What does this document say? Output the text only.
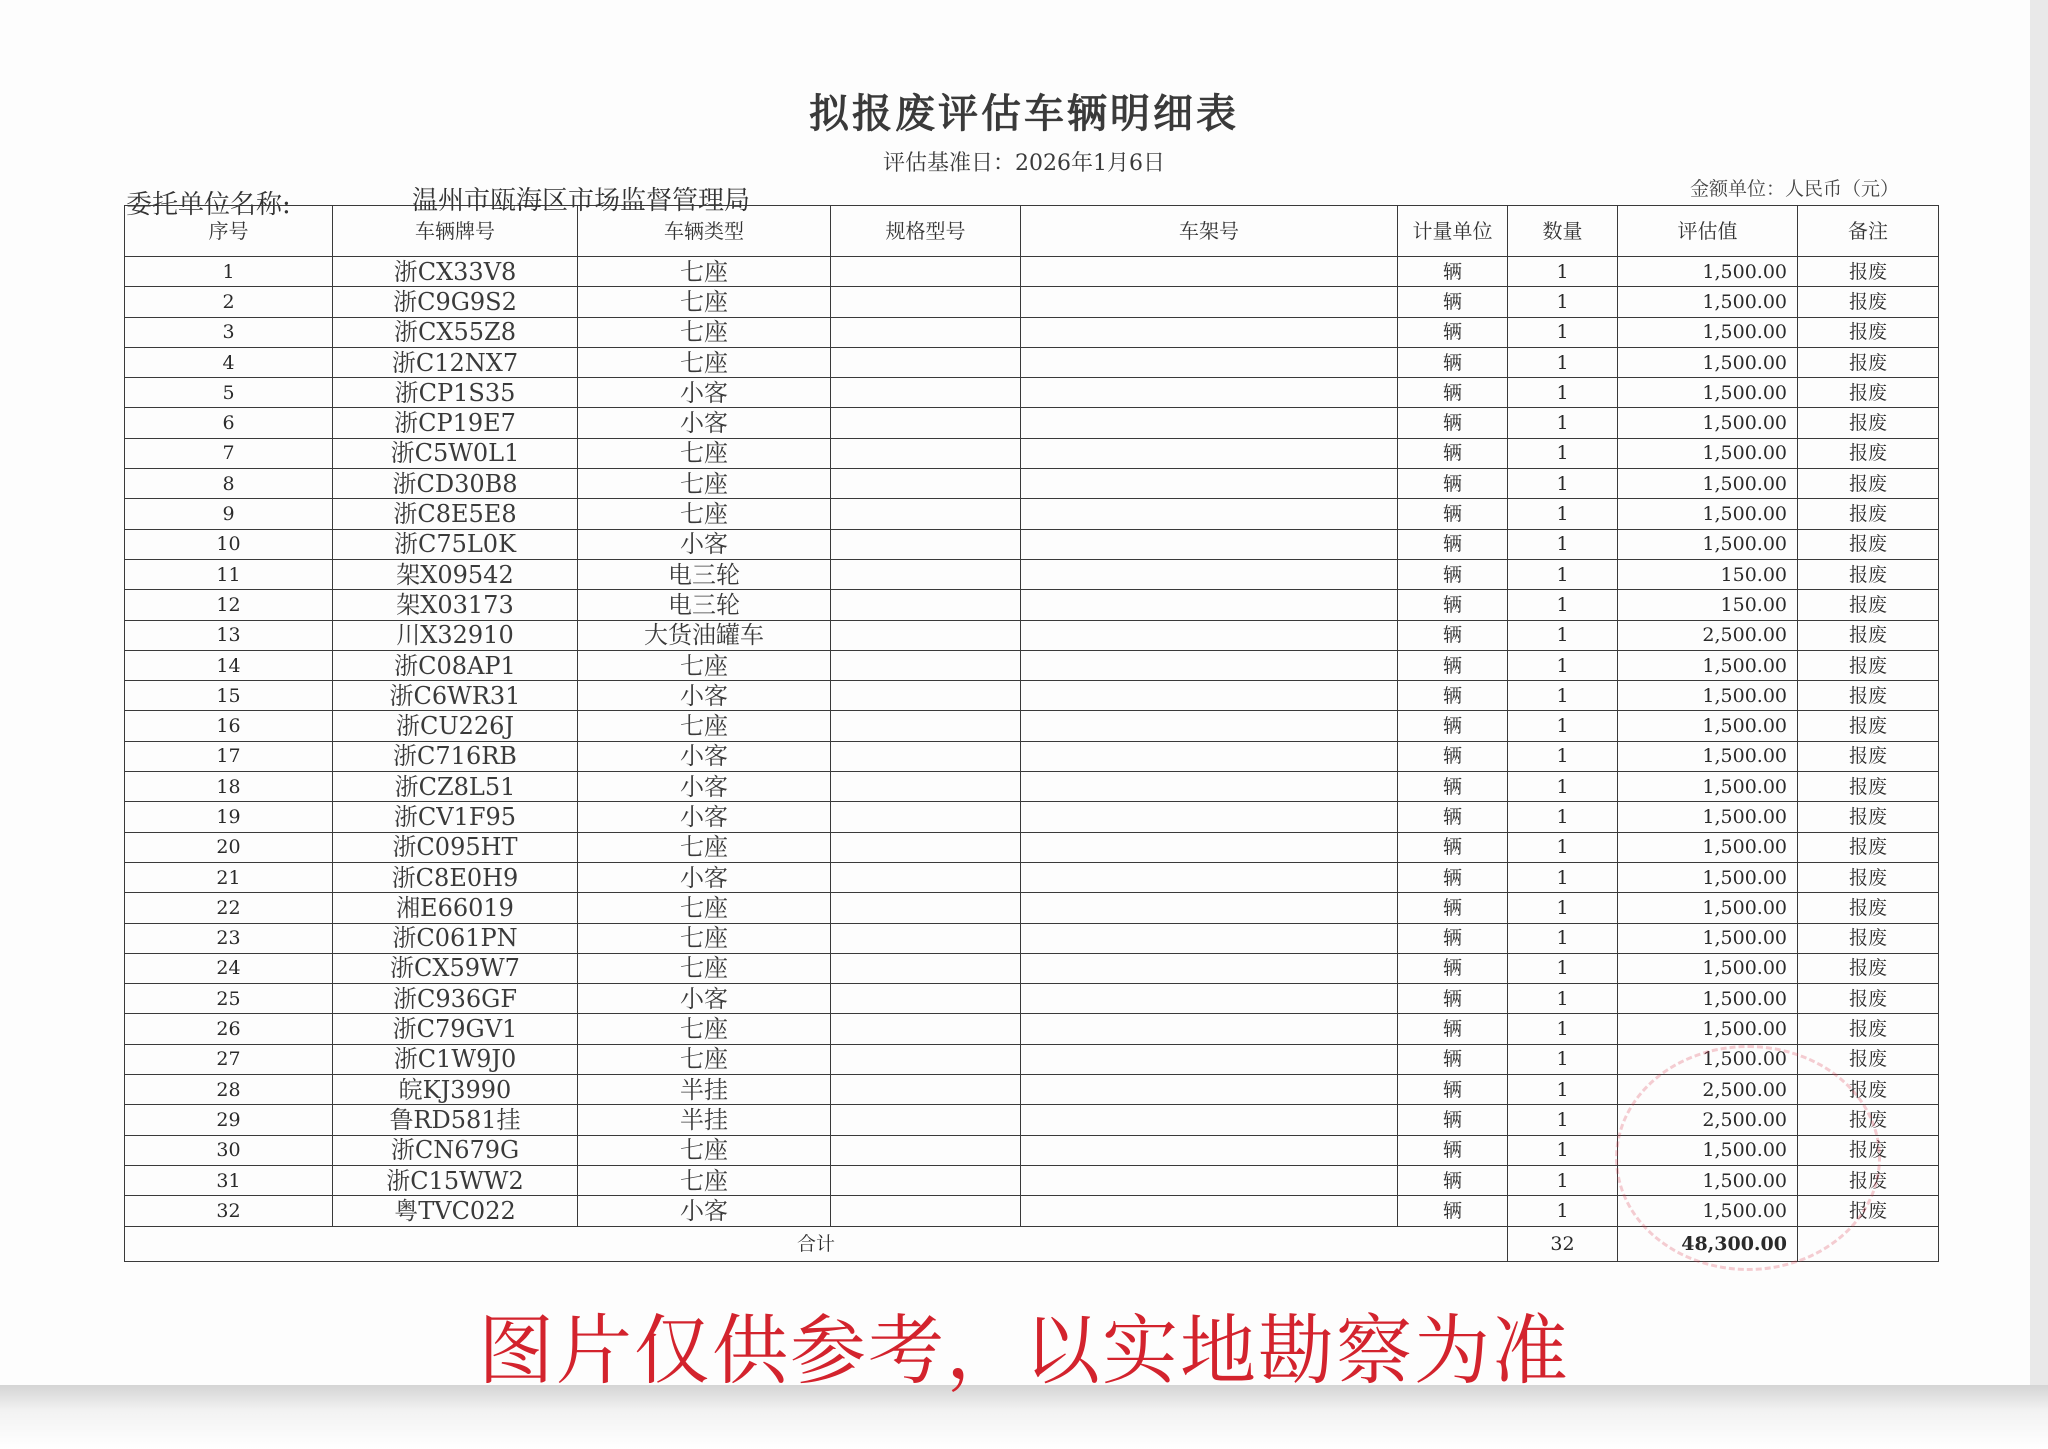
拟报废评估车辆明细表
评估基准日：2026年1月6日
委托单位名称:	温州市瓯海区市场监督管理局	金额单位：人民币（元）
序号	车辆牌号	车辆类型	规格型号	车架号	计量单位	数量	评估值	备注
1	浙CX33V8	七座			辆	1	1,500.00	报废
2	浙C9G9S2	七座			辆	1	1,500.00	报废
3	浙CX55Z8	七座			辆	1	1,500.00	报废
4	浙C12NX7	七座			辆	1	1,500.00	报废
5	浙CP1S35	小客			辆	1	1,500.00	报废
6	浙CP19E7	小客			辆	1	1,500.00	报废
7	浙C5W0L1	七座			辆	1	1,500.00	报废
8	浙CD30B8	七座			辆	1	1,500.00	报废
9	浙C8E5E8	七座			辆	1	1,500.00	报废
10	浙C75L0K	小客			辆	1	1,500.00	报废
11	架X09542	电三轮			辆	1	150.00	报废
12	架X03173	电三轮			辆	1	150.00	报废
13	川X32910	大货油罐车			辆	1	2,500.00	报废
14	浙C08AP1	七座			辆	1	1,500.00	报废
15	浙C6WR31	小客			辆	1	1,500.00	报废
16	浙CU226J	七座			辆	1	1,500.00	报废
17	浙C716RB	小客			辆	1	1,500.00	报废
18	浙CZ8L51	小客			辆	1	1,500.00	报废
19	浙CV1F95	小客			辆	1	1,500.00	报废
20	浙C095HT	七座			辆	1	1,500.00	报废
21	浙C8E0H9	小客			辆	1	1,500.00	报废
22	湘E66019	七座			辆	1	1,500.00	报废
23	浙C061PN	七座			辆	1	1,500.00	报废
24	浙CX59W7	七座			辆	1	1,500.00	报废
25	浙C936GF	小客			辆	1	1,500.00	报废
26	浙C79GV1	七座			辆	1	1,500.00	报废
27	浙C1W9J0	七座			辆	1	1,500.00	报废
28	皖KJ3990	半挂			辆	1	2,500.00	报废
29	鲁RD581挂	半挂			辆	1	2,500.00	报废
30	浙CN679G	七座			辆	1	1,500.00	报废
31	浙C15WW2	七座			辆	1	1,500.00	报废
32	粤TVC022	小客			辆	1	1,500.00	报废
合计						32	48,300.00	
图片仅供参考，以实地勘察为准
